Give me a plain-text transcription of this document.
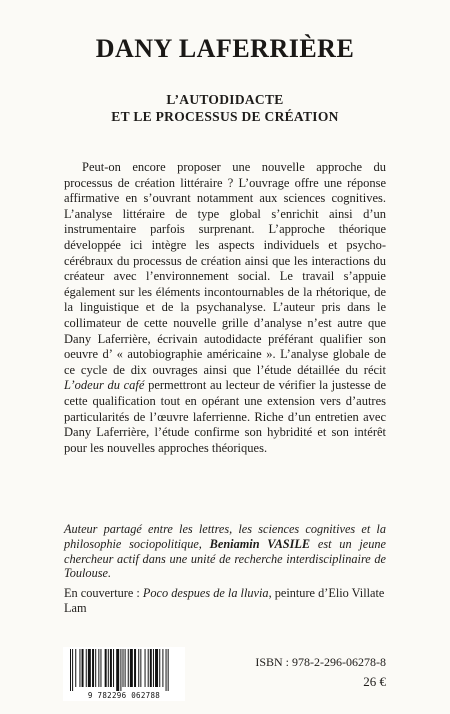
DANY LAFERRIÈRE
L’AUTODIDACTE
ET LE PROCESSUS DE CRÉATION

Peut-on encore proposer une nouvelle approche du processus de création littéraire ? L’ouvrage offre une réponse affirmative en s’ouvrant notamment aux sciences cognitives. L’analyse littéraire de type global s’enrichit ainsi d’un instrumentaire parfois surprenant. L’approche théorique développée ici intègre les aspects individuels et psycho-cérébraux du processus de création ainsi que les interactions du créateur avec l’environnement social. Le travail s’appuie également sur les éléments incontournables de la rhétorique, de la linguistique et de la psychanalyse. L’auteur pris dans le collimateur de cette nouvelle grille d’analyse n’est autre que Dany Laferrière, écrivain autodidacte préférant qualifier son oeuvre d’ « autobiographie américaine ». L’analyse globale de ce cycle de dix ouvrages ainsi que l’étude détaillée du récit L’odeur du café permettront au lecteur de vérifier la justesse de cette qualification tout en opérant une extension vers d’autres particularités de l’œuvre laferrienne. Riche d’un entretien avec Dany Laferrière, l’étude confirme son hybridité et son intérêt pour les nouvelles approches théoriques.

Auteur partagé entre les lettres, les sciences cognitives et la philosophie sociopolitique, Beniamin VASILE est un jeune chercheur actif dans une unité de recherche interdisciplinaire de Toulouse.

En couverture : Poco despues de la lluvia, peinture d’Elio Villate Lam

9 782296 062788
ISBN : 978-2-296-06278-8
26 €
